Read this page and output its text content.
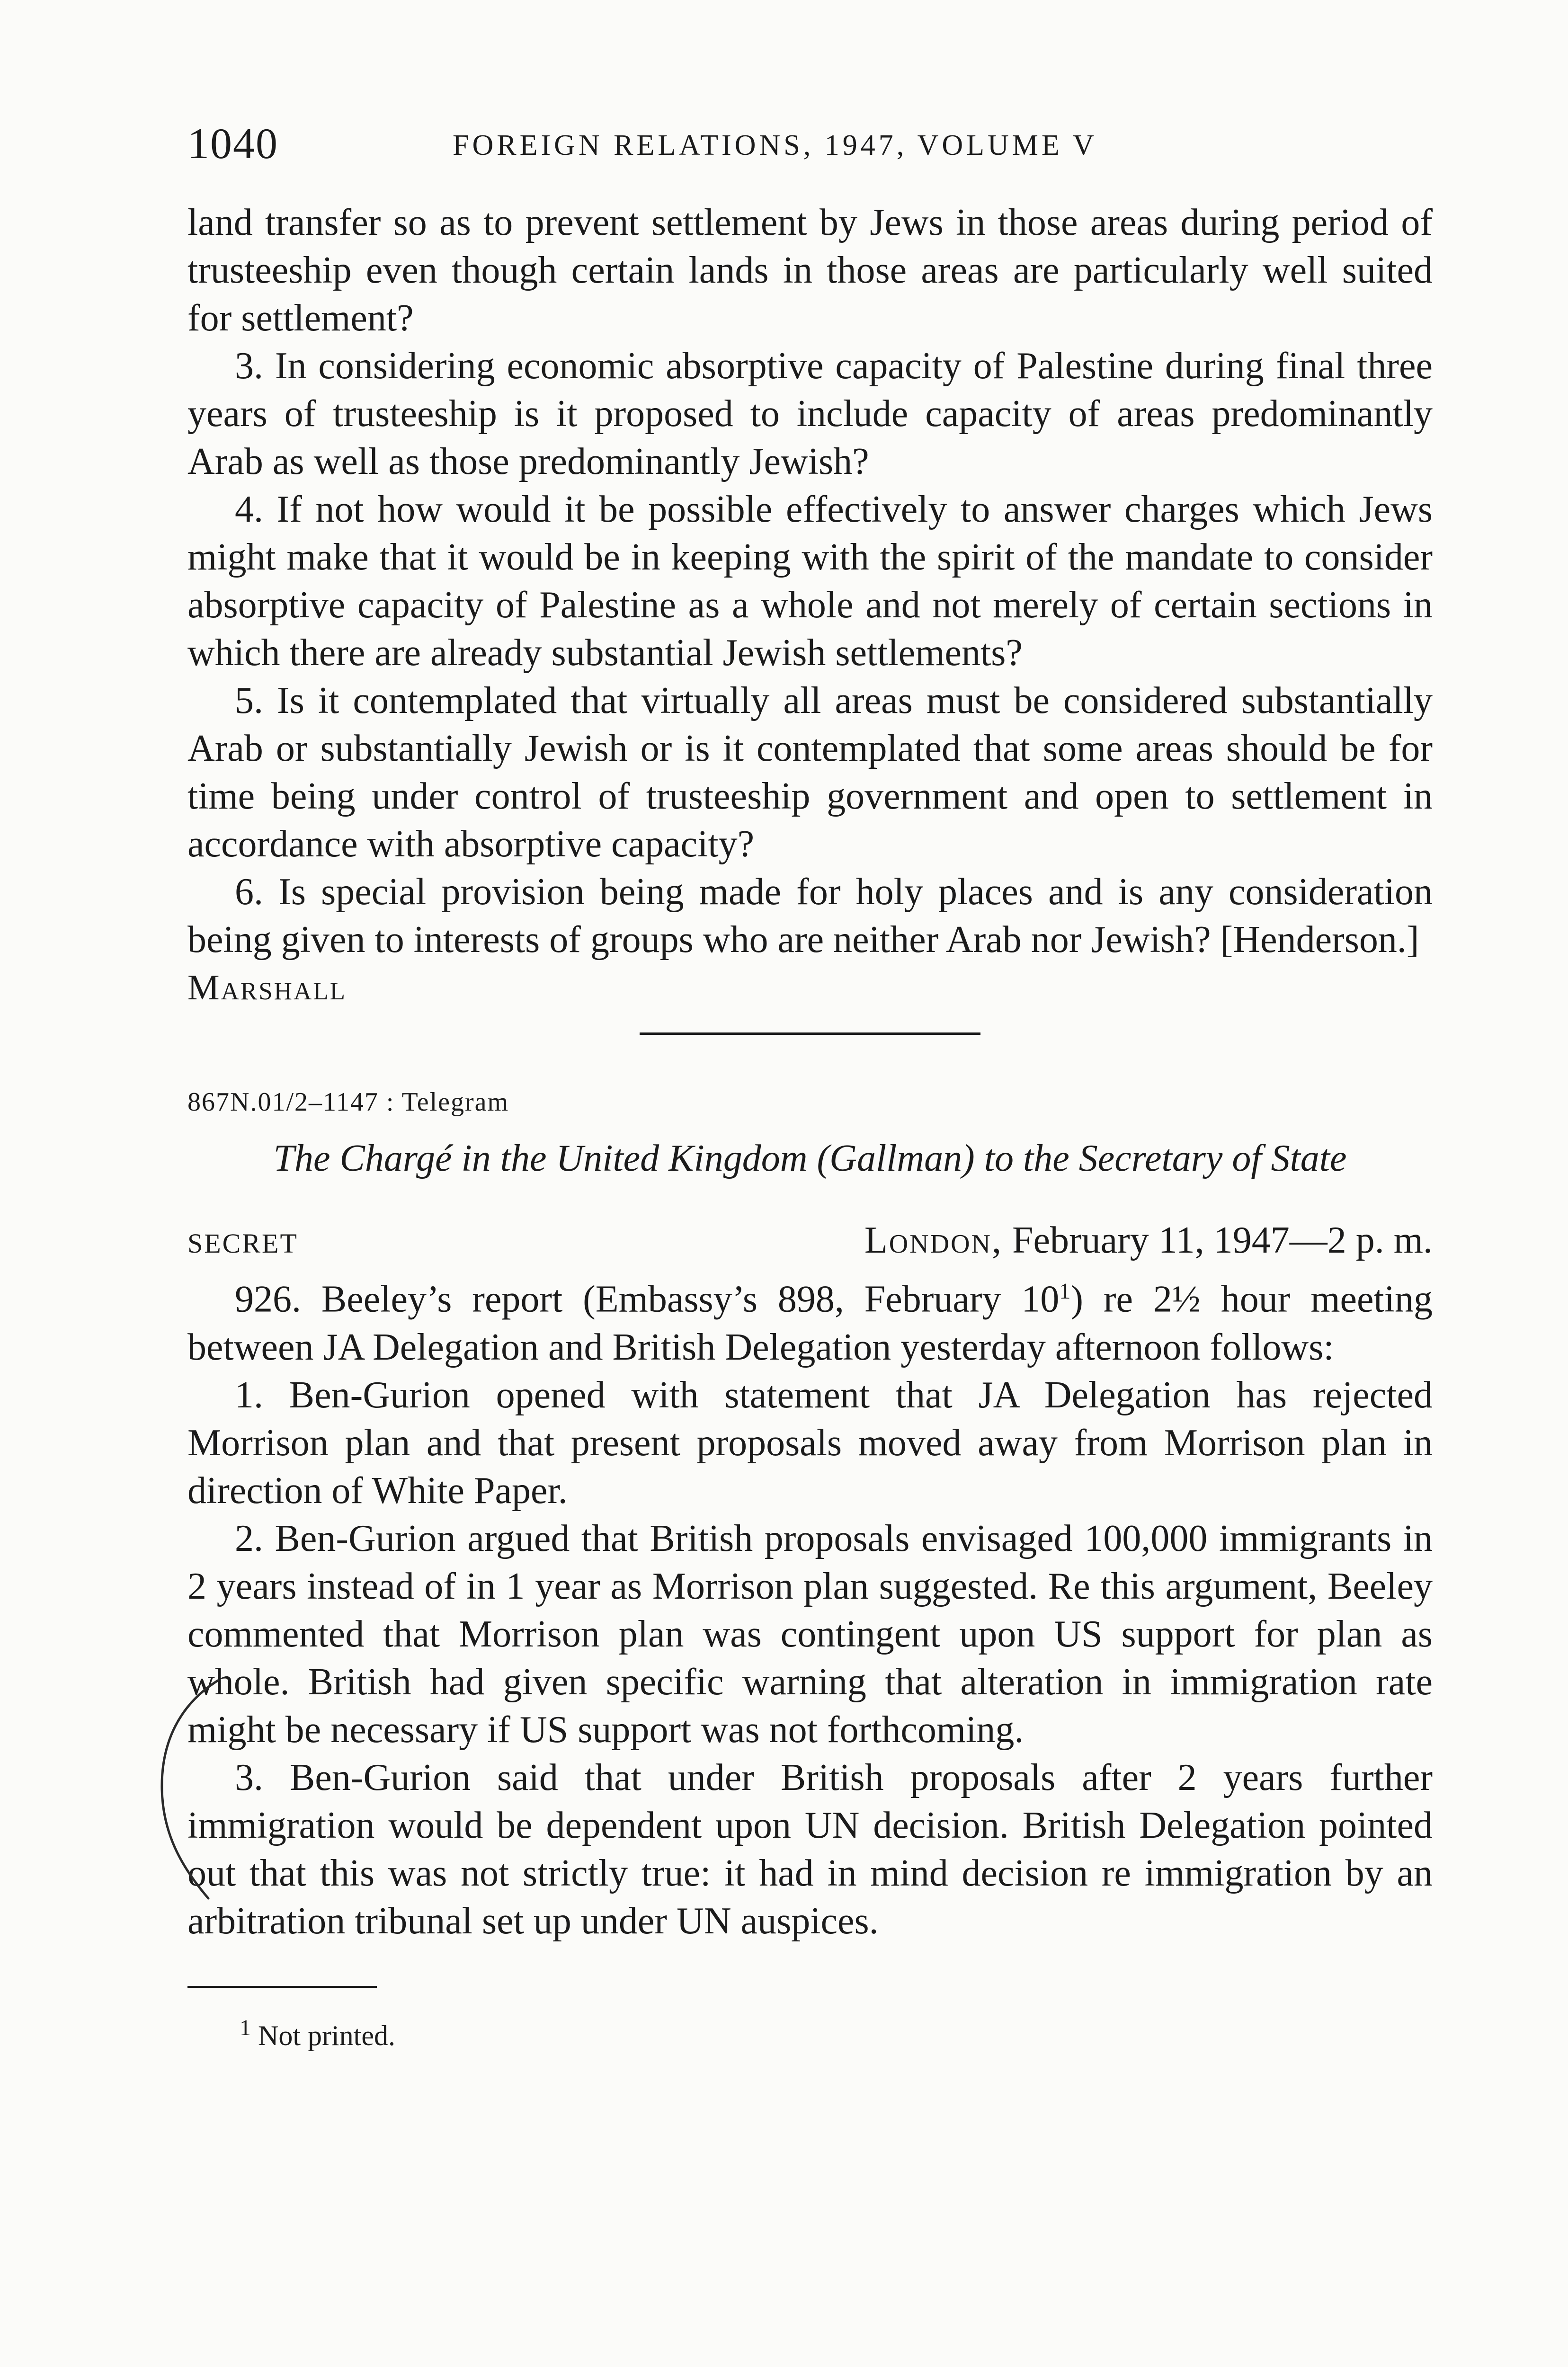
1040	FOREIGN RELATIONS, 1947, VOLUME V

land transfer so as to prevent settlement by Jews in those areas during period of trusteeship even though certain lands in those areas are particularly well suited for settlement?

3. In considering economic absorptive capacity of Palestine during final three years of trusteeship is it proposed to include capacity of areas predominantly Arab as well as those predominantly Jewish?

4. If not how would it be possible effectively to answer charges which Jews might make that it would be in keeping with the spirit of the mandate to consider absorptive capacity of Palestine as a whole and not merely of certain sections in which there are already substantial Jewish settlements?

5. Is it contemplated that virtually all areas must be considered substantially Arab or substantially Jewish or is it contemplated that some areas should be for time being under control of trusteeship government and open to settlement in accordance with absorptive capacity?

6. Is special provision being made for holy places and is any consideration being given to interests of groups who are neither Arab nor Jewish? [Henderson.]

Marshall

867N.01/2–1147 : Telegram
The Chargé in the United Kingdom (Gallman) to the Secretary of State
SECRET	London, February 11, 1947—2 p. m.

926. Beeley’s report (Embassy’s 898, February $10^1$) re 2½ hour meeting between JA Delegation and British Delegation yesterday afternoon follows:

1. Ben-Gurion opened with statement that JA Delegation has rejected Morrison plan and that present proposals moved away from Morrison plan in direction of White Paper.

2. Ben-Gurion argued that British proposals envisaged 100,000 immigrants in 2 years instead of in 1 year as Morrison plan suggested. Re this argument, Beeley commented that Morrison plan was contingent upon US support for plan as whole. British had given specific warning that alteration in immigration rate might be necessary if US support was not forthcoming.

3. Ben-Gurion said that under British proposals after 2 years further immigration would be dependent upon UN decision. British Delegation pointed out that this was not strictly true: it had in mind decision re immigration by an arbitration tribunal set up under UN auspices.

$^1$ Not printed.
